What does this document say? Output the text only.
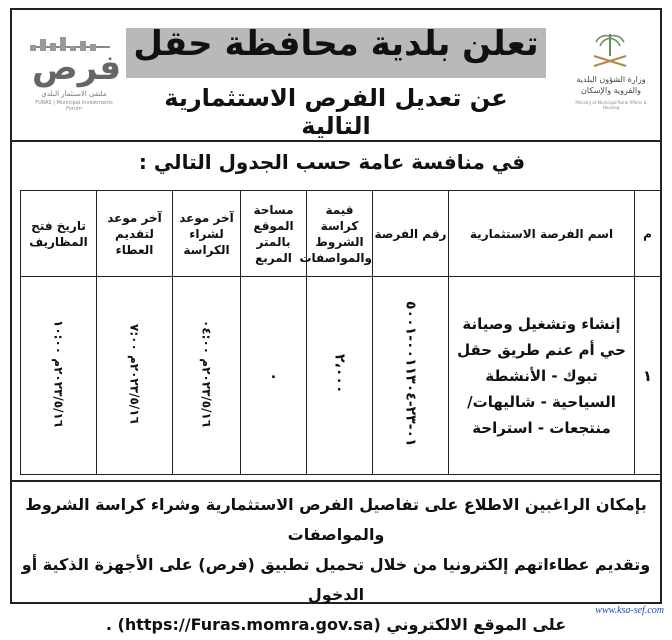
فرص
ملتقى الاستثمار البلدي
FURAS | Municipal Investments Forum
تعلن بلدية محافظة حقل
عن تعديل الفرص الاستثمارية التالية
وزارة الشؤون البلدية
والقروية والإسكان
Ministry of Municipal Rural Affairs & Housing
في منافسة عامة حسب الجدول التالي :
م	اسم الفرصة الاستثمارية	رقم الفرصة	قيمة كراسة الشروط والمواصفات	مساحة الموقع بالمتر المربع	آخر موعد لشراء الكراسة	آخر موعد لتقديم العطاء	تاريخ فتح المظاريف
١	إنشاء وتشغيل وصيانة حي أم عنم طريق حقل تبوك - الأنشطة السياحية - شاليهات/ منتجعات - استراحة	٠١-٢٣-٠٠١١٣٠٤-٥٠٠١	٢،٠٠٠	٠	٢٠٢٣/٥/١٦م ٠٤:٠٠	٢٠٢٣/٥/١٦م ٧:٠٠	٢٠٢٣/٥/١٦م ١٠:٠٠
بإمكان الراغبين الاطلاع على تفاصيل الفرص الاستثمارية وشراء كراسة الشروط والمواصفات
وتقديم عطاءاتهم إلكترونيا من خلال تحميل تطبيق (فرص) على الأجهزة الذكية أو الدخول
على الموقع الالكتروني (https://Furas.momra.gov.sa) .
www.ksa-sef.com
